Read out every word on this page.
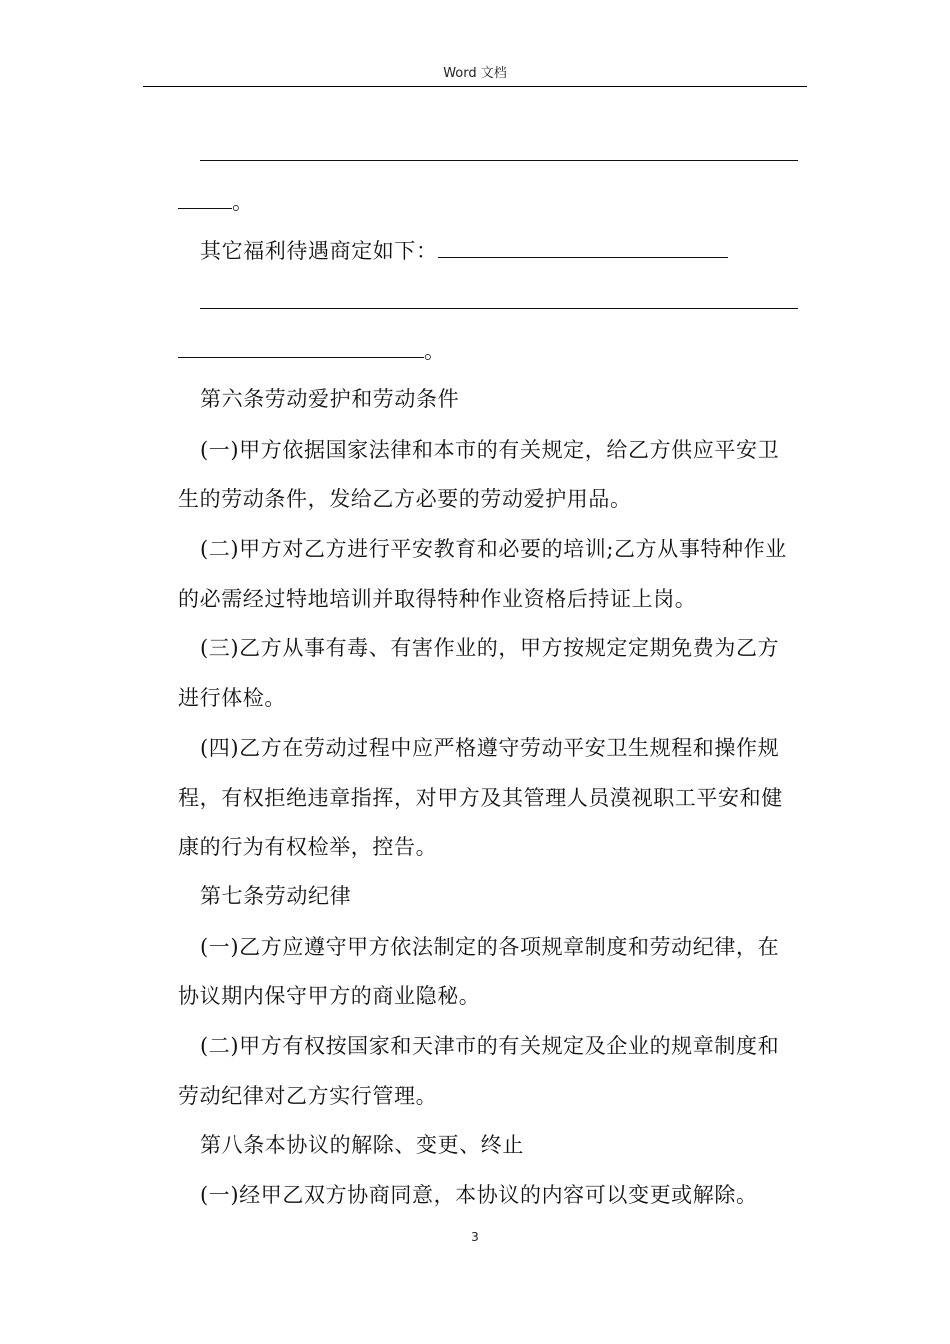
Word 文档
。
其它福利待遇商定如下：
。
第六条劳动爱护和劳动条件
(一)甲方依据国家法律和本市的有关规定，给乙方供应平安卫
生的劳动条件，发给乙方必要的劳动爱护用品。
(二)甲方对乙方进行平安教育和必要的培训;乙方从事特种作业
的必需经过特地培训并取得特种作业资格后持证上岗。
(三)乙方从事有毒、有害作业的，甲方按规定定期免费为乙方
进行体检。
(四)乙方在劳动过程中应严格遵守劳动平安卫生规程和操作规
程，有权拒绝违章指挥，对甲方及其管理人员漠视职工平安和健
康的行为有权检举，控告。
第七条劳动纪律
(一)乙方应遵守甲方依法制定的各项规章制度和劳动纪律，在
协议期内保守甲方的商业隐秘。
(二)甲方有权按国家和天津市的有关规定及企业的规章制度和
劳动纪律对乙方实行管理。
第八条本协议的解除、变更、终止
(一)经甲乙双方协商同意，本协议的内容可以变更或解除。
3
